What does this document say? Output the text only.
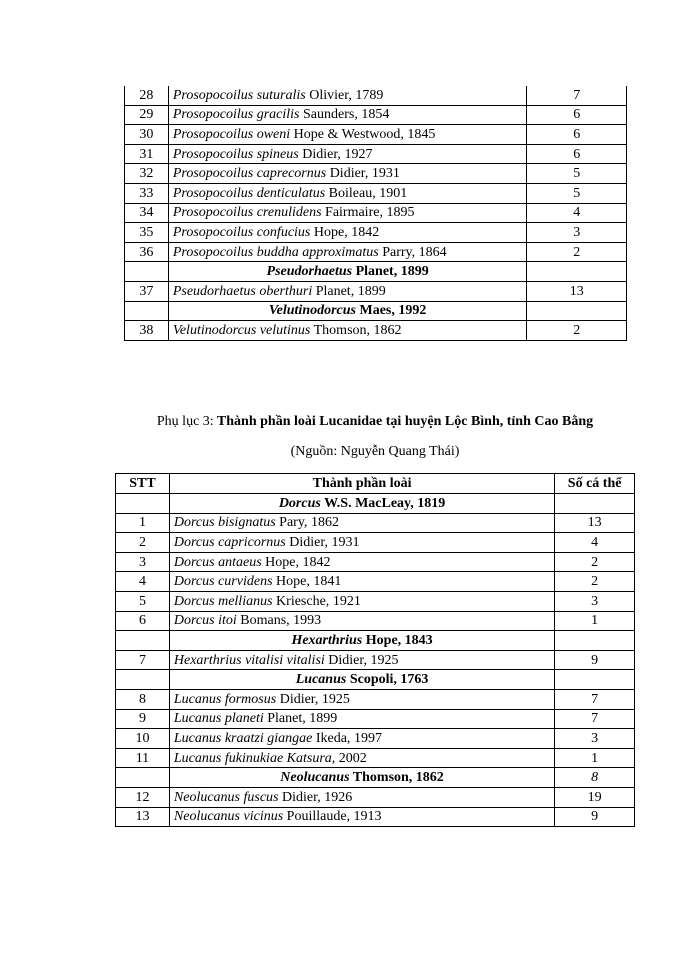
28	Prosopocoilus suturalis Olivier, 1789	7
29	Prosopocoilus gracilis Saunders, 1854	6
30	Prosopocoilus oweni Hope & Westwood, 1845	6
31	Prosopocoilus spineus Didier, 1927	6
32	Prosopocoilus caprecornus Didier, 1931	5
33	Prosopocoilus denticulatus Boileau, 1901	5
34	Prosopocoilus crenulidens Fairmaire, 1895	4
35	Prosopocoilus confucius Hope, 1842	3
36	Prosopocoilus buddha approximatus Parry, 1864	2
	Pseudorhaetus Planet, 1899	
37	Pseudorhaetus oberthuri Planet, 1899	13
	Velutinodorcus Maes, 1992	
38	Velutinodorcus velutinus Thomson, 1862	2
Phụ lục 3: Thành phần loài Lucanidae tại huyện Lộc Bình, tỉnh Cao Bằng
(Nguồn: Nguyễn Quang Thái)
STT	Thành phần loài	Số cá thể
	Dorcus W.S. MacLeay, 1819	
1	Dorcus bisignatus Pary, 1862	13
2	Dorcus capricornus Didier, 1931	4
3	Dorcus antaeus Hope, 1842	2
4	Dorcus curvidens Hope, 1841	2
5	Dorcus mellianus Kriesche, 1921	3
6	Dorcus itoi Bomans, 1993	1
	Hexarthrius Hope, 1843	
7	Hexarthrius vitalisi vitalisi Didier, 1925	9
	Lucanus Scopoli, 1763	
8	Lucanus formosus Didier, 1925	7
9	Lucanus planeti Planet, 1899	7
10	Lucanus kraatzi giangae Ikeda, 1997	3
11	Lucanus fukinukiae Katsura, 2002	1
	Neolucanus Thomson, 1862	8
12	Neolucanus fuscus Didier, 1926	19
13	Neolucanus vicinus Pouillaude, 1913	9
